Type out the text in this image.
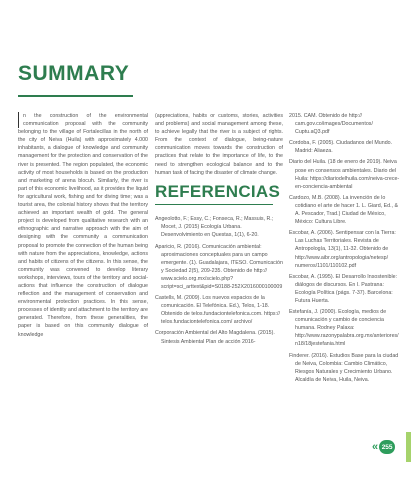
SUMMARY

n the construction of the environmental communication proposal with the community belonging to the village of Fortalecillas in the north of the city of Neiva (Huila) with approximately 4.000 inhabitants, a dialogue of knowledge and community management for the protection and conservation of the river is presented. The region populated, the economic activity of most households is based on the production and marketing of arena blocuh. Similarly, the river is part of this economic livelihood, as it provides the liquid for agricultural work, fishing and for diving time; was a tourist area, the colonial history shows that the territory achieved an important wealth of gold. The general project is developed from qualitative research with an ethnographic and narrative approach with the aim of designing with the community a communication proposal to promote the connection of the human being with nature from the appreciations, knowledge, actions and habits of citizens of the citizens. In this sense, the community was convened to develop literary workshops, interviews, tours of the territory and social-actions that influence the construction of dialogue reflection and the management of conservation and environmental protection practices. In this sense, processes of identity and attachment to the territory are generated. Therefore, from these generalities, the paper is based on this community dialogue of knowledge

(appreciations, habits or customs, stories, activities and problems) and social management among these, to achieve legally that the river is a subject of rights. From the context of dialogue, being-nature communication moves towards the construction of practices that relate to the importance of life, to the need to strengthen ecological balance and to the human task of facing the disaster of climate change.

REFERENCIAS

Angeolotto, F.; Essy, C.; Fonseca, R.; Massuis, R.; Mocet, J. (2015) Ecología Urbana. Desenvolvimiento en Questas, 1(1), 6-20.

Aparicio, R. (2016). Comunicación ambiental: aproximaciones conceptuales para un campo emergente. (1). Guadalajara, ITESO. Comunicación y Sociedad 2(5), 209-235. Obtenido de http:// www.scielo.org.mx/scielo.php?script=sci_arttext&pid=S0188-252X2016000100009

Castells, M. (2009). Los nuevos espacios de la comunicación. El Telefónica. Ed.), Telos, 1-18. Obtenido de telos.fundaciontelefonica.com. https:// telos.fundaciontelefonica.com/ archivo/

Corporación Ambiental del Alto Magdalena. (2015). Sintesis Ambiental Plan de acción 2016-

2015. CAM. Obtenido de http:// cam.gov.co/images/Documentos/ Cuptu.aQ3.pdf

Cordoba, F. (2005). Ciudadanos del Mundo. Madrid: Aliaeza.

Diario del Huila. (18 de enero de 2019). Neiva pose en consensos ambientales. Diario del Huila: https://diariodelhuila.com/neiva-crece-en-conciencia-ambiental

Cardozo, M.B. (2008). La invención de lo cotidiano el arte de hacer 1. L. Giard, Ed., & A. Pescador, Trad.) Ciudad de México, México: Cultura Libre.

Escobar, A. (2006). Sentipensar con la Tierra: Las Luchas Territoriales. Revista de Antropología, 13(1), 11-32. Obtenido de http://www.aibr.org/antropologia/netesp/ numeros/1101/110102.pdf

Escobar, A. (1995). El Desarrollo Insostenible: diálogos de discursos. En I. Pastrana: Ecología Política (págs. 7-37). Barcelona: Futura Huerta.

Estefanía, J. (2000). Ecología, medios de comunicación y cambio de conciencia humana. Rodney Palaxa: http://www.razonypalabra.org.mx/anteriores/ n18/18jestefania.html

Finderer. (2016). Estudios Base para la ciudad de Neiva, Colombia: Cambio Climático, Riesgos Naturales y Crecimiento Urbano. Alcaldía de Neiva, Huila, Neiva.

« 255
